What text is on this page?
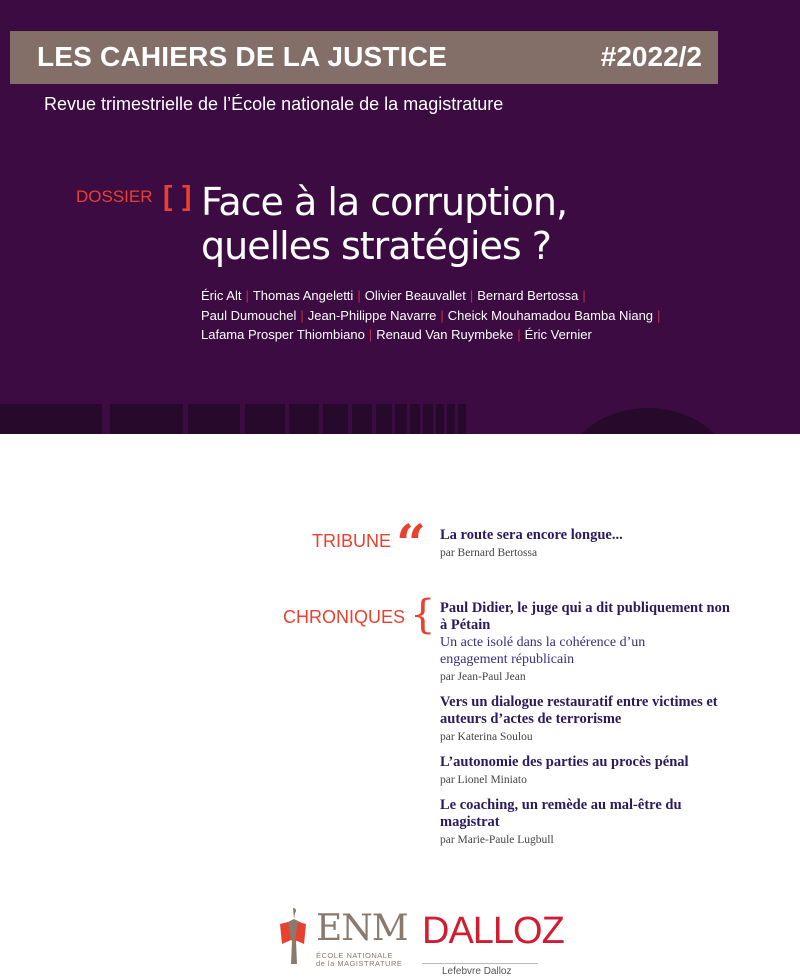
LES CAHIERS DE LA JUSTICE	#2022/2
Revue trimestrielle de l’École nationale de la magistrature
DOSSIER [ ] Face à la corruption,
quelles stratégies ?
Éric Alt | Thomas Angeletti | Olivier Beauvallet | Bernard Bertossa |
Paul Dumouchel | Jean-Philippe Navarre | Cheick Mouhamadou Bamba Niang |
Lafama Prosper Thiombiano | Renaud Van Ruymbeke | Éric Vernier
TRIBUNE “ La route sera encore longue...
par Bernard Bertossa
CHRONIQUES { Paul Didier, le juge qui a dit publiquement non à Pétain
Un acte isolé dans la cohérence d’un engagement républicain
par Jean-Paul Jean
Vers un dialogue restauratif entre victimes et auteurs d’actes de terrorisme
par Katerina Soulou
L’autonomie des parties au procès pénal
par Lionel Miniato
Le coaching, un remède au mal-être du magistrat
par Marie-Paule Lugbull
ENM
ÉCOLE NATIONALE
de la MAGISTRATURE
DALLOZ
Lefebvre Dalloz
